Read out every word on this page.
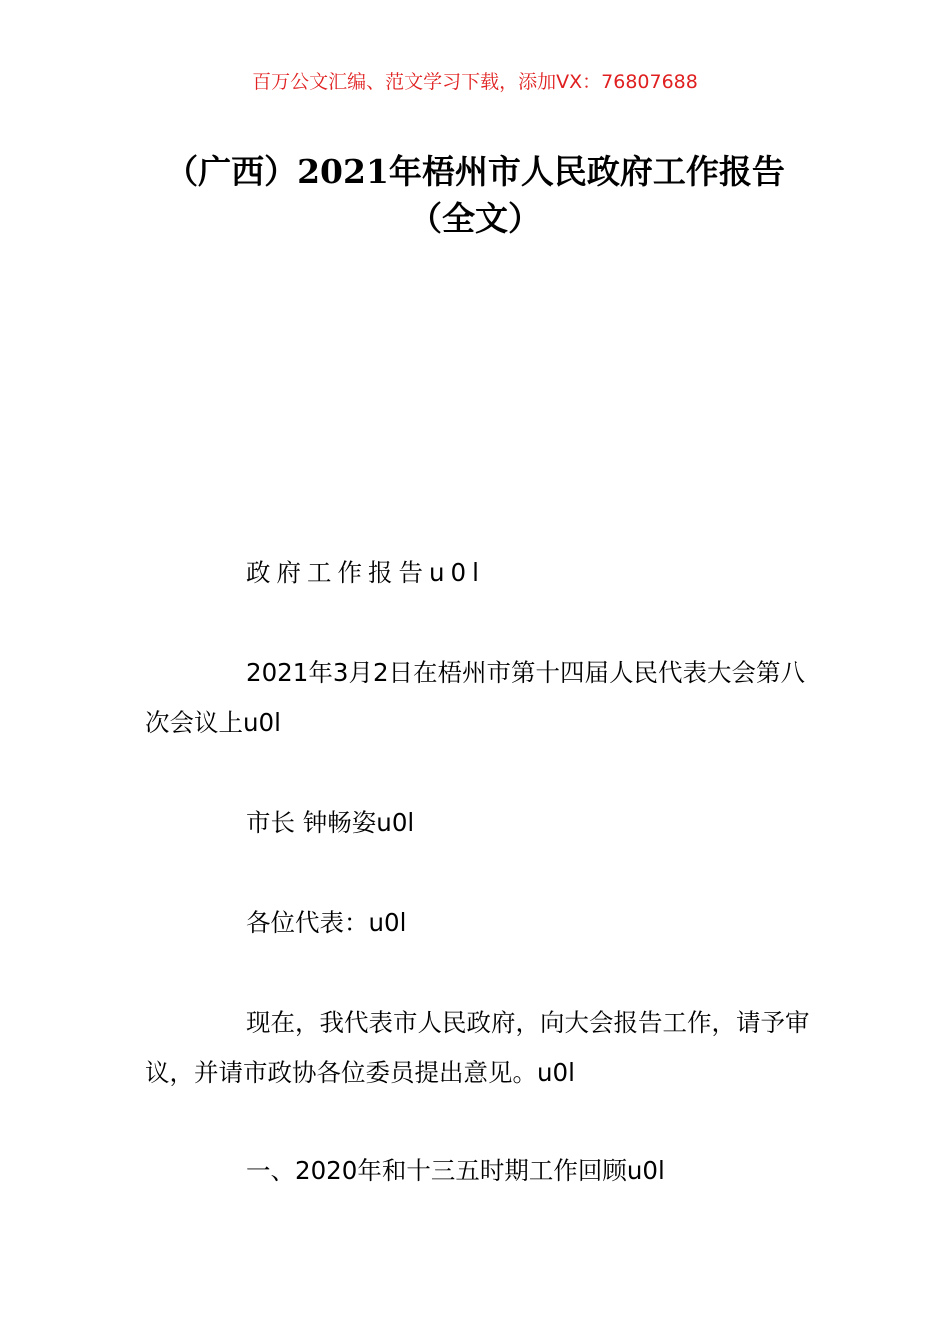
百万公文汇编、范文学习下载，添加VX：76807688
（广西）2021年梧州市人民政府工作报告（全文）

政府工作报告u0l

2021年3月2日在梧州市第十四届人民代表大会第八次会议上u0l

市长 钟畅姿u0l

各位代表：u0l

现在，我代表市人民政府，向大会报告工作，请予审议，并请市政协各位委员提出意见。u0l

一、2020年和十三五时期工作回顾u0l
